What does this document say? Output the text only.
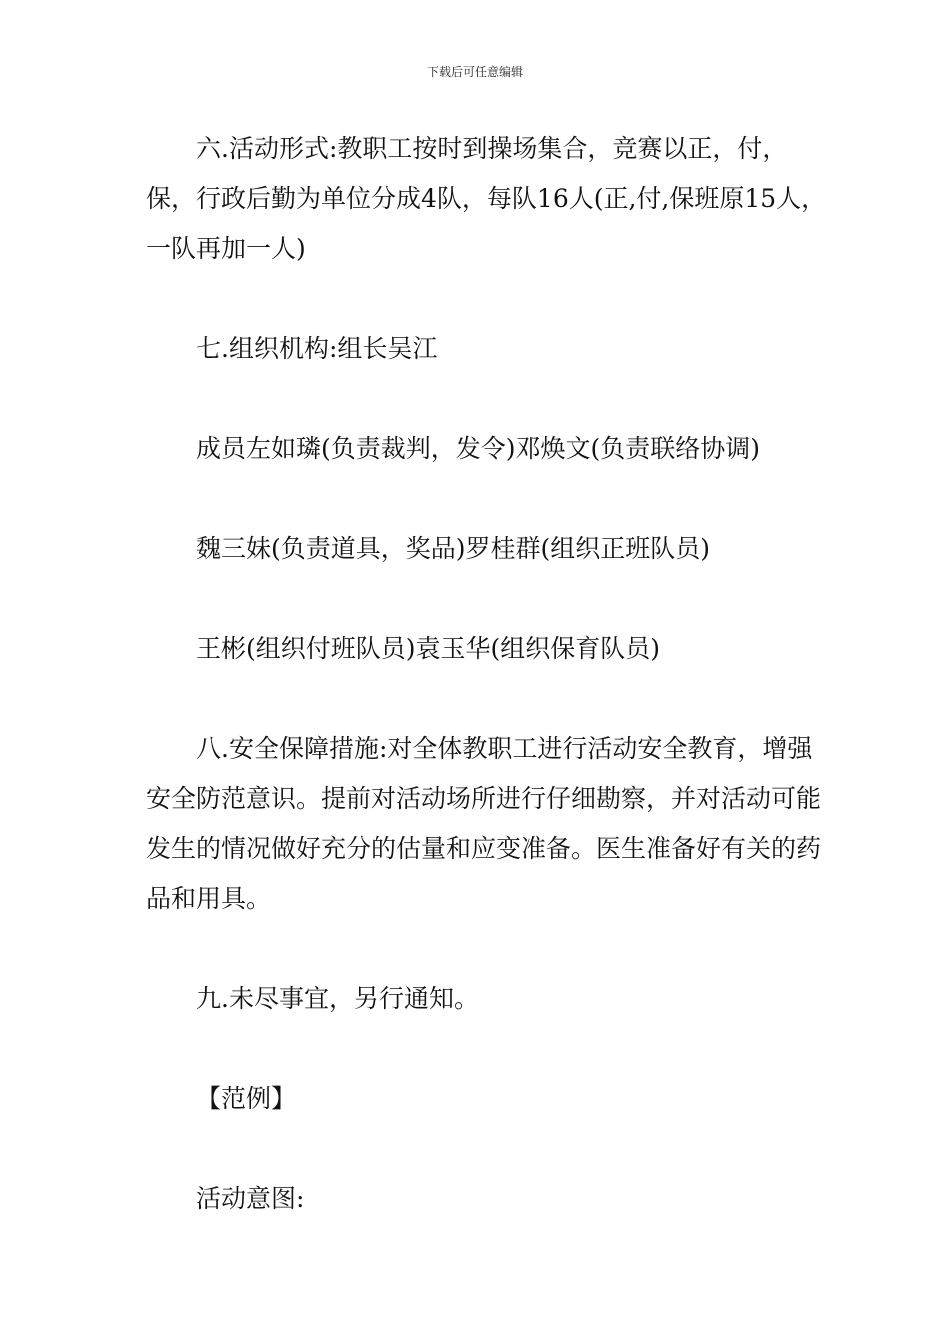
下载后可任意编辑

六.活动形式:教职工按时到操场集合，竞赛以正，付，保，行政后勤为单位分成4队，每队16人(正,付,保班原15人，一队再加一人)

七.组织机构:组长吴江

成员左如璘(负责裁判，发令)邓焕文(负责联络协调)

魏三妹(负责道具，奖品)罗桂群(组织正班队员)

王彬(组织付班队员)袁玉华(组织保育队员)

八.安全保障措施:对全体教职工进行活动安全教育，增强安全防范意识。提前对活动场所进行仔细勘察，并对活动可能发生的情况做好充分的估量和应变准备。医生准备好有关的药品和用具。

九.未尽事宜，另行通知。

【范例】

活动意图:
